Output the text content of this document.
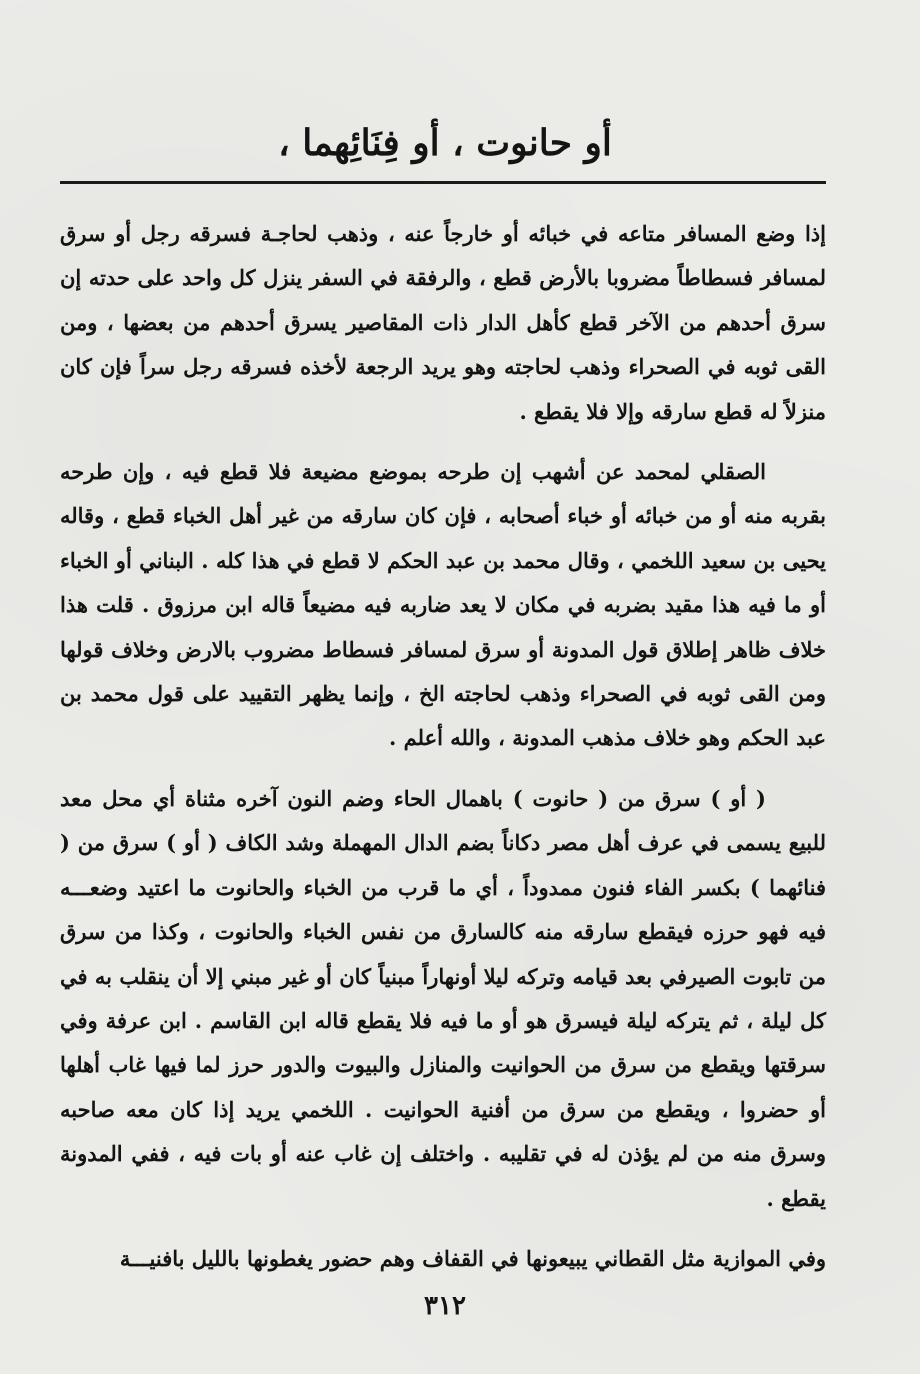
أو حانوت ، أو فِنَائِهما ،

إذا وضع المسافر متاعه في خبائه أو خارجاً عنه ، وذهب لحاجـة فسرقه رجل أو سرق لمسافر فسطاطاً مضروبا بالأرض قطع ، والرفقة في السفر ينزل كل واحد على حدته إن سرق أحدهم من الآخر قطع كأهل الدار ذات المقاصير يسرق أحدهم من بعضها ، ومن القى ثوبه في الصحراء وذهب لحاجته وهو يريد الرجعة لأخذه فسرقه رجل سراً فإن كان منزلاً له قطع سارقه وإلا فلا يقطع .

الصقلي لمحمد عن أشهب إن طرحه بموضع مضيعة فلا قطع فيه ، وإن طرحه بقربه منه أو من خبائه أو خباء أصحابه ، فإن كان سارقه من غير أهل الخباء قطع ، وقاله يحيى بن سعيد اللخمي ، وقال محمد بن عبد الحكم لا قطع في هذا كله . البناني أو الخباء أو ما فيه هذا مقيد بضربه في مكان لا يعد ضاربه فيه مضيعاً قاله ابن مرزوق . قلت هذا خلاف ظاهر إطلاق قول المدونة أو سرق لمسافر فسطاط مضروب بالارض وخلاف قولها ومن القى ثوبه في الصحراء وذهب لحاجته الخ ، وإنما يظهر التقييد على قول محمد بن عبد الحكم وهو خلاف مذهب المدونة ، والله أعلم .

( أو ) سرق من ( حانوت ) باهمال الحاء وضم النون آخره مثناة أي محل معد للبيع يسمى في عرف أهل مصر دكاناً بضم الدال المهملة وشد الكاف ( أو ) سرق من ( فنائهما ) بكسر الفاء فنون ممدوداً ، أي ما قرب من الخباء والحانوت ما اعتيد وضعـــه فيه فهو حرزه فيقطع سارقه منه كالسارق من نفس الخباء والحانوت ، وكذا من سرق من تابوت الصيرفي بعد قيامه وتركه ليلا أونهاراً مبنياً كان أو غير مبني إلا أن ينقلب به في كل ليلة ، ثم يتركه ليلة فيسرق هو أو ما فيه فلا يقطع قاله ابن القاسم . ابن عرفة وفي سرقتها ويقطع من سرق من الحوانيت والمنازل والبيوت والدور حرز لما فيها غاب أهلها أو حضروا ، ويقطع من سرق من أفنية الحوانيت . اللخمي يريد إذا كان معه صاحبه وسرق منه من لم يؤذن له في تقليبه . واختلف إن غاب عنه أو بات فيه ، ففي المدونة يقطع .

وفي الموازية مثل القطاني يبيعونها في القفاف وهم حضور يغطونها بالليل بافنيـــة

٣١٢
